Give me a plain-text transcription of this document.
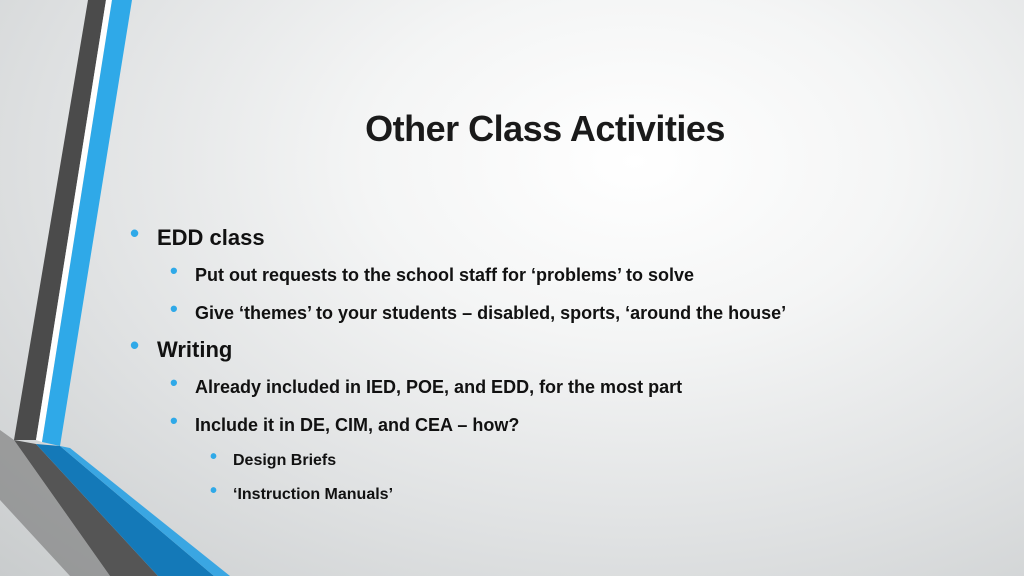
Other Class Activities
• EDD class
• Put out requests to the school staff for ‘problems’ to solve
• Give ‘themes’ to your students – disabled, sports, ‘around the house’
• Writing
• Already included in IED, POE, and EDD, for the most part
• Include it in DE, CIM, and CEA – how?
• Design Briefs
• ‘Instruction Manuals’
